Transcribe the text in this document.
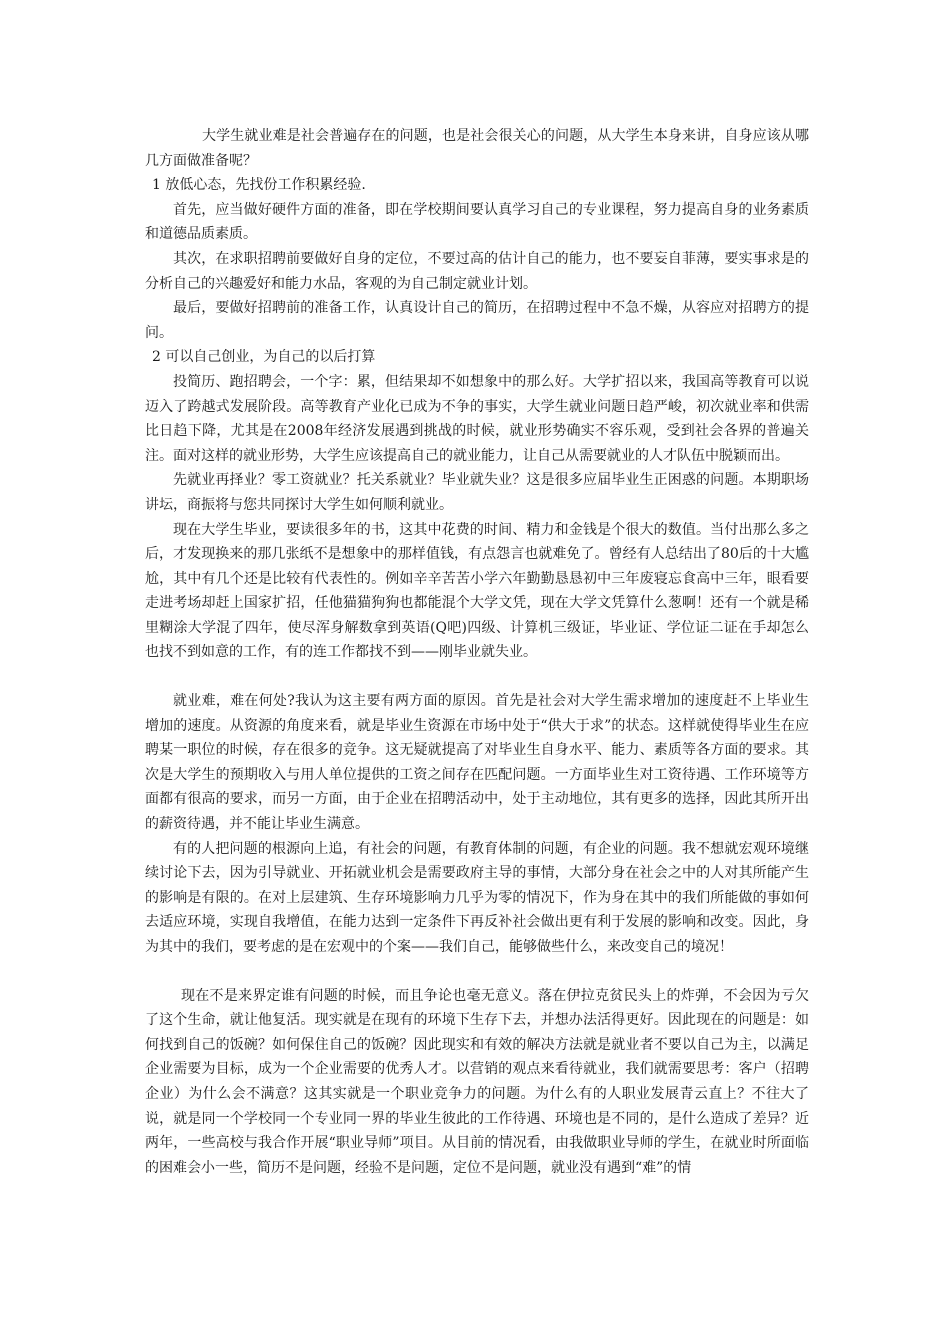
大学生就业难是社会普遍存在的问题，也是社会很关心的问题，从大学生本身来讲，自身应该从哪几方面做准备呢？

1 放低心态，先找份工作积累经验.

首先，应当做好硬件方面的准备，即在学校期间要认真学习自己的专业课程，努力提高自身的业务素质和道德品质素质。

其次，在求职招聘前要做好自身的定位，不要过高的估计自己的能力，也不要妄自菲薄，要实事求是的分析自己的兴趣爱好和能力水品，客观的为自己制定就业计划。

最后，要做好招聘前的准备工作，认真设计自己的简历，在招聘过程中不急不燥，从容应对招聘方的提问。

2 可以自己创业，为自己的以后打算

投简历、跑招聘会，一个字：累，但结果却不如想象中的那么好。大学扩招以来，我国高等教育可以说迈入了跨越式发展阶段。高等教育产业化已成为不争的事实，大学生就业问题日趋严峻，初次就业率和供需比日趋下降，尤其是在2008年经济发展遇到挑战的时候，就业形势确实不容乐观，受到社会各界的普遍关注。面对这样的就业形势，大学生应该提高自己的就业能力，让自己从需要就业的人才队伍中脱颖而出。

先就业再择业？零工资就业？托关系就业？毕业就失业？这是很多应届毕业生正困惑的问题。本期职场讲坛，商振将与您共同探讨大学生如何顺利就业。

现在大学生毕业，要读很多年的书，这其中花费的时间、精力和金钱是个很大的数值。当付出那么多之后，才发现换来的那几张纸不是想象中的那样值钱，有点怨言也就难免了。曾经有人总结出了80后的十大尴尬，其中有几个还是比较有代表性的。例如辛辛苦苦小学六年勤勤恳恳初中三年废寝忘食高中三年，眼看要走进考场却赶上国家扩招，任他猫猫狗狗也都能混个大学文凭，现在大学文凭算什么葱啊！还有一个就是稀里糊涂大学混了四年，使尽浑身解数拿到英语(Q吧)四级、计算机三级证，毕业证、学位证二证在手却怎么也找不到如意的工作，有的连工作都找不到——刚毕业就失业。

就业难，难在何处?我认为这主要有两方面的原因。首先是社会对大学生需求增加的速度赶不上毕业生增加的速度。从资源的角度来看，就是毕业生资源在市场中处于“供大于求”的状态。这样就使得毕业生在应聘某一职位的时候，存在很多的竞争。这无疑就提高了对毕业生自身水平、能力、素质等各方面的要求。其次是大学生的预期收入与用人单位提供的工资之间存在匹配问题。一方面毕业生对工资待遇、工作环境等方面都有很高的要求，而另一方面，由于企业在招聘活动中，处于主动地位，其有更多的选择，因此其所开出的薪资待遇，并不能让毕业生满意。

有的人把问题的根源向上追，有社会的问题，有教育体制的问题，有企业的问题。我不想就宏观环境继续讨论下去，因为引导就业、开拓就业机会是需要政府主导的事情，大部分身在社会之中的人对其所能产生的影响是有限的。在对上层建筑、生存环境影响力几乎为零的情况下，作为身在其中的我们所能做的事如何去适应环境，实现自我增值，在能力达到一定条件下再反补社会做出更有利于发展的影响和改变。因此，身为其中的我们，要考虑的是在宏观中的个案——我们自己，能够做些什么，来改变自己的境况！

现在不是来界定谁有问题的时候，而且争论也毫无意义。落在伊拉克贫民头上的炸弹，不会因为亏欠了这个生命，就让他复活。现实就是在现有的环境下生存下去，并想办法活得更好。因此现在的问题是：如何找到自己的饭碗？如何保住自己的饭碗？因此现实和有效的解决方法就是就业者不要以自己为主，以满足企业需要为目标，成为一个企业需要的优秀人才。以营销的观点来看待就业，我们就需要思考：客户（招聘企业）为什么会不满意？这其实就是一个职业竞争力的问题。为什么有的人职业发展青云直上？不往大了说，就是同一个学校同一个专业同一界的毕业生彼此的工作待遇、环境也是不同的，是什么造成了差异？近两年，一些高校与我合作开展“职业导师”项目。从目前的情况看，由我做职业导师的学生，在就业时所面临的困难会小一些，简历不是问题，经验不是问题，定位不是问题，就业没有遇到“难”的情
